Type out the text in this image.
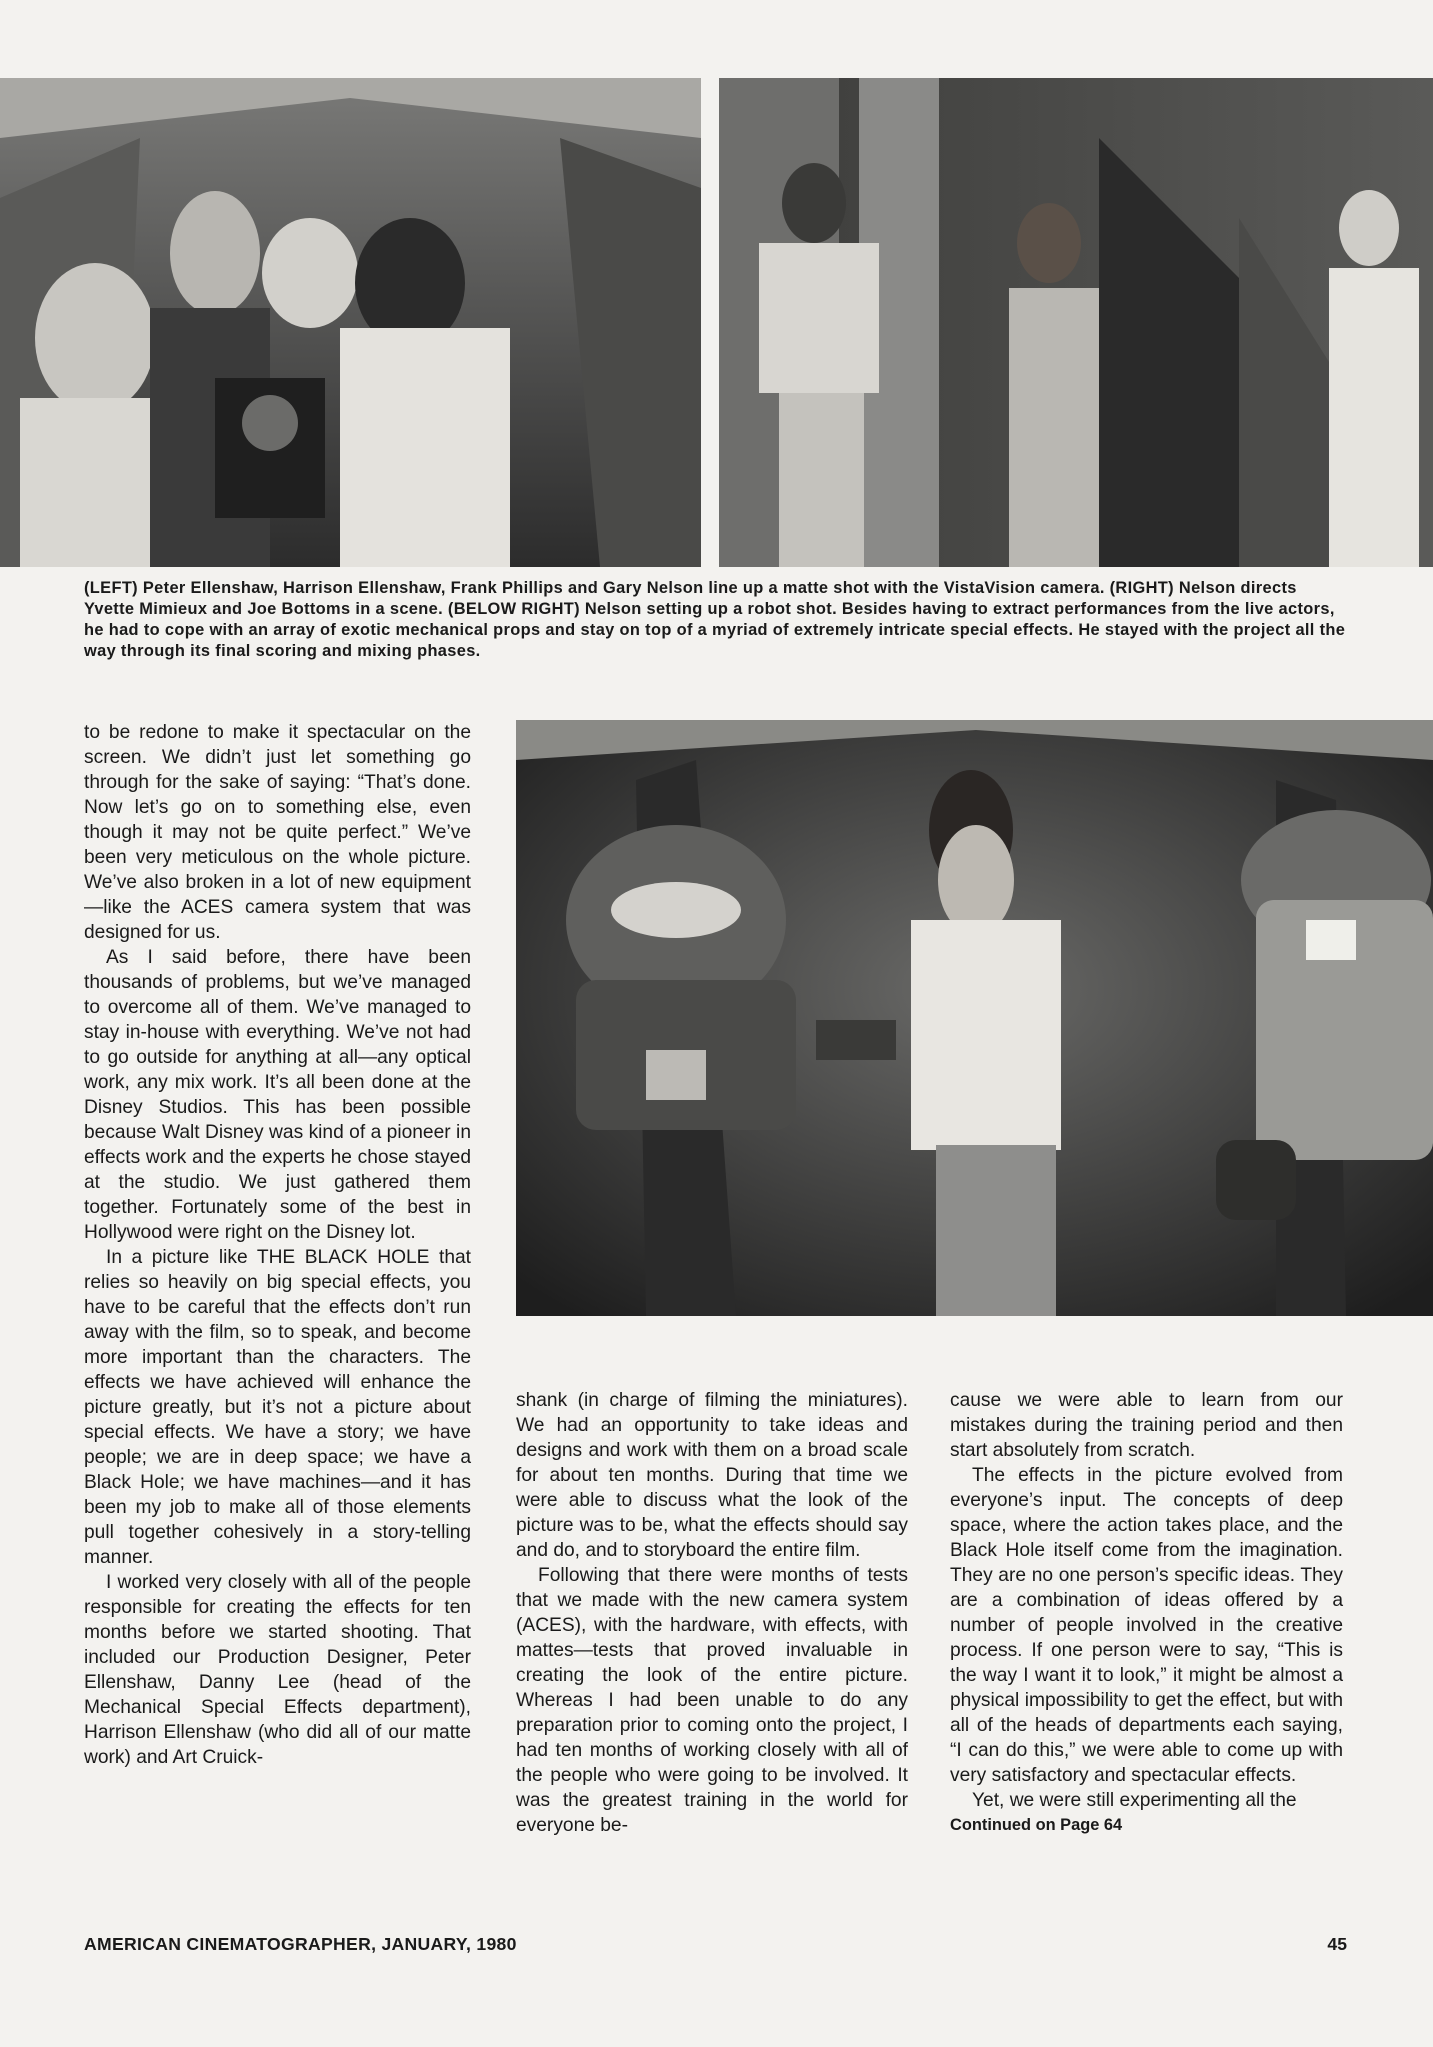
(LEFT) Peter Ellenshaw, Harrison Ellenshaw, Frank Phillips and Gary Nelson line up a matte shot with the VistaVision camera. (RIGHT) Nelson directs Yvette Mimieux and Joe Bottoms in a scene. (BELOW RIGHT) Nelson setting up a robot shot. Besides having to extract performances from the live actors, he had to cope with an array of exotic mechanical props and stay on top of a myriad of extremely intricate special effects. He stayed with the project all the way through its final scoring and mixing phases.

to be redone to make it spectacular on the screen. We didn’t just let something go through for the sake of saying: “That’s done. Now let’s go on to something else, even though it may not be quite perfect.” We’ve been very meticulous on the whole picture. We’ve also broken in a lot of new equipment—like the ACES camera system that was designed for us.

As I said before, there have been thousands of problems, but we’ve managed to overcome all of them. We’ve managed to stay in-house with everything. We’ve not had to go outside for anything at all—any optical work, any mix work. It’s all been done at the Disney Studios. This has been possible because Walt Disney was kind of a pioneer in effects work and the experts he chose stayed at the studio. We just gathered them together. Fortunately some of the best in Hollywood were right on the Disney lot.

In a picture like THE BLACK HOLE that relies so heavily on big special effects, you have to be careful that the effects don’t run away with the film, so to speak, and become more important than the characters. The effects we have achieved will enhance the picture greatly, but it’s not a picture about special effects. We have a story; we have people; we are in deep space; we have a Black Hole; we have machines—and it has been my job to make all of those elements pull together cohesively in a story-telling manner.

I worked very closely with all of the people responsible for creating the effects for ten months before we started shooting. That included our Production Designer, Peter Ellenshaw, Danny Lee (head of the Mechanical Special Effects department), Harrison Ellenshaw (who did all of our matte work) and Art Cruick-

shank (in charge of filming the miniatures). We had an opportunity to take ideas and designs and work with them on a broad scale for about ten months. During that time we were able to discuss what the look of the picture was to be, what the effects should say and do, and to storyboard the entire film.

Following that there were months of tests that we made with the new camera system (ACES), with the hardware, with effects, with mattes—tests that proved invaluable in creating the look of the entire picture. Whereas I had been unable to do any preparation prior to coming onto the project, I had ten months of working closely with all of the people who were going to be involved. It was the greatest training in the world for everyone be-

cause we were able to learn from our mistakes during the training period and then start absolutely from scratch.

The effects in the picture evolved from everyone’s input. The concepts of deep space, where the action takes place, and the Black Hole itself come from the imagination. They are no one person’s specific ideas. They are a combination of ideas offered by a number of people involved in the creative process. If one person were to say, “This is the way I want it to look,” it might be almost a physical impossibility to get the effect, but with all of the heads of departments each saying, “I can do this,” we were able to come up with very satisfactory and spectacular effects.

Yet, we were still experimenting all the

Continued on Page 64

AMERICAN CINEMATOGRAPHER, JANUARY, 1980	45
